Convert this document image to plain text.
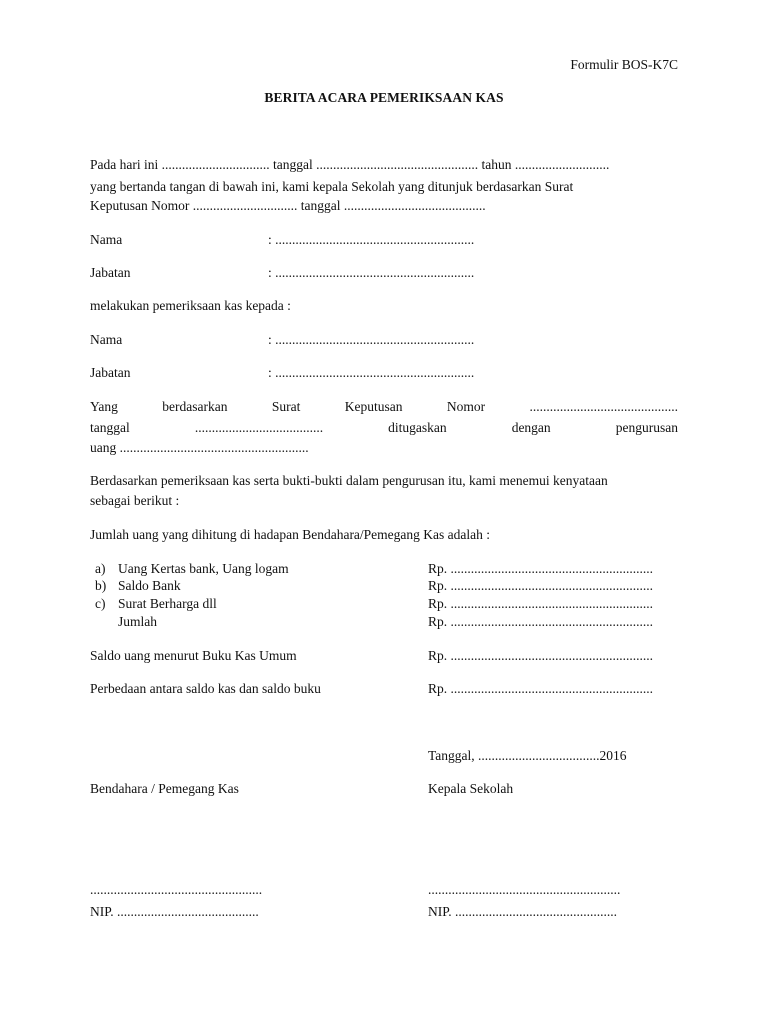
Formulir BOS-K7C
BERITA ACARA PEMERIKSAAN KAS
Pada hari ini ................................ tanggal ................................................ tahun ............................
yang bertanda tangan di bawah ini, kami kepala Sekolah yang ditunjuk berdasarkan Surat
Keputusan Nomor ............................... tanggal ..........................................
Nama	: ...........................................................
Jabatan	: ...........................................................
melakukan pemeriksaan kas kepada :
Nama	: ...........................................................
Jabatan	: ...........................................................
Yang	berdasarkan	Surat	Keputusan	Nomor	............................................
tanggal	......................................	ditugaskan	dengan	pengurusan
uang ........................................................
Berdasarkan pemeriksaan kas serta bukti-bukti dalam pengurusan itu, kami menemui kenyataan
sebagai berikut :
Jumlah uang yang dihitung di hadapan Bendahara/Pemegang Kas adalah :
a) Uang Kertas bank, Uang logam	Rp. ............................................................
b) Saldo Bank	Rp. ............................................................
c) Surat Berharga dll	Rp. ............................................................
Jumlah	Rp. ............................................................
Saldo uang menurut Buku Kas Umum	Rp. ............................................................
Perbedaan antara saldo kas dan saldo buku	Rp. ............................................................
Tanggal, ....................................2016
Bendahara / Pemegang Kas	Kepala Sekolah
...................................................	.........................................................
NIP. ..........................................	NIP. ................................................
